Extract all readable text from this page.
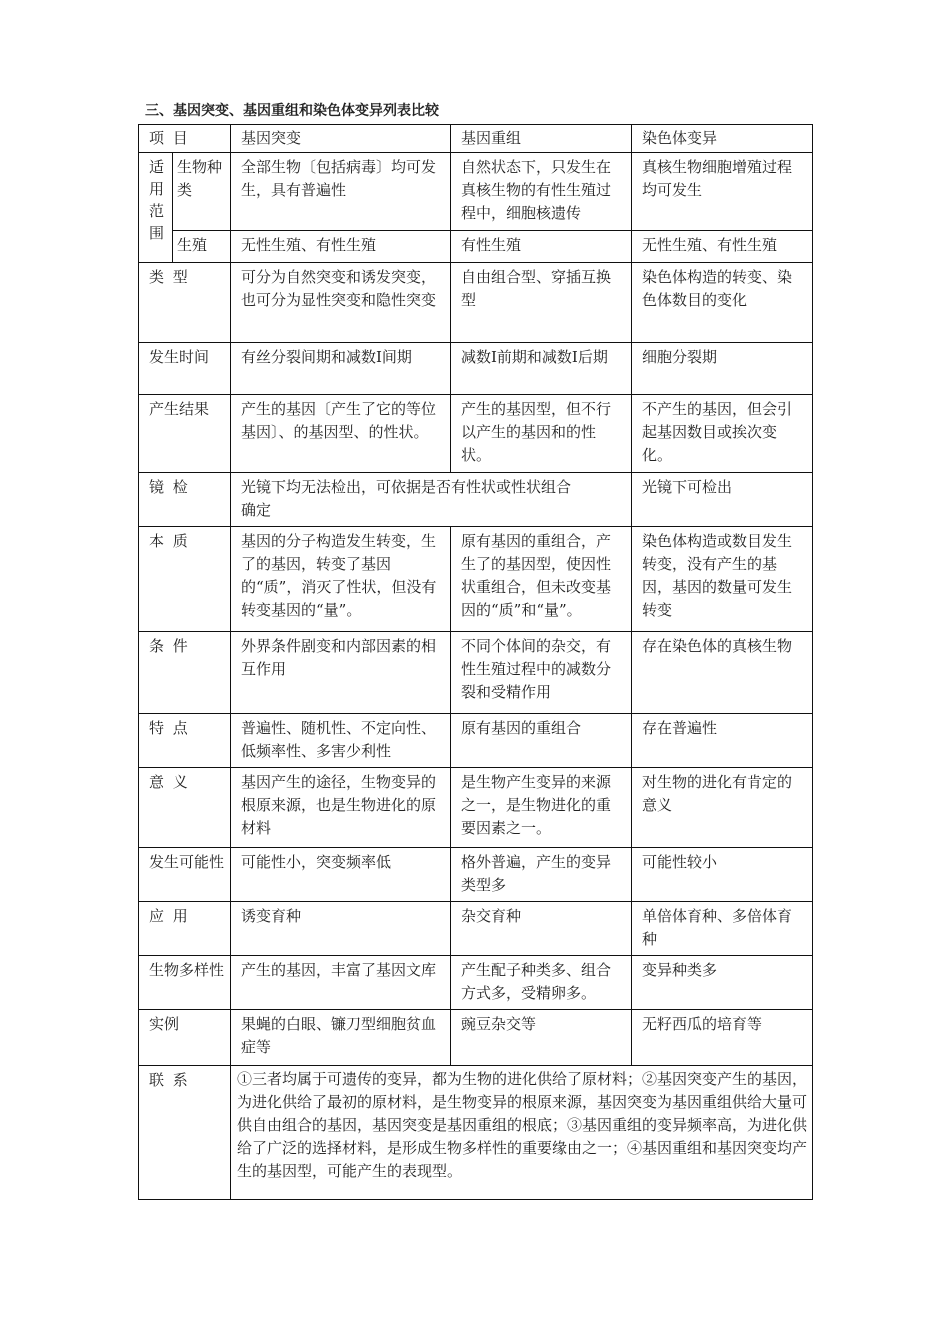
三、基因突变、基因重组和染色体变异列表比较
项 目		基因突变	基因重组	染色体变异

适用范围	生物种类	全部生物〔包括病毒〕均可发生，具有普遍性	自然状态下，只发生在真核生物的有性生殖过程中，细胞核遗传	真核生物细胞增殖过程均可发生
	生殖	无性生殖、有性生殖	有性生殖	无性生殖、有性生殖
类 型		可分为自然突变和诱发突变，也可分为显性突变和隐性突变	自由组合型、穿插互换型	染色体构造的转变、染色体数目的变化
发生时间		有丝分裂间期和减数Ⅰ间期	减数Ⅰ前期和减数Ⅰ后期	细胞分裂期
产生结果		产生的基因〔产生了它的等位基因〕、的基因型、的性状。	产生的基因型，但不行以产生的基因和的性状。	不产生的基因，但会引起基因数目或挨次变化。
镜 检		光镜下均无法检出，可依据是否有性状或性状组合确定		光镜下可检出
本 质		基因的分子构造发生转变，生了的基因，转变了基因的“质”，消灭了性状，但没有转变基因的“量”。	原有基因的重组合，产生了的基因型，使因性状重组合，但未改变基因的“质”和“量”。	染色体构造或数目发生转变，没有产生的基因，基因的数量可发生转变
条 件		外界条件剧变和内部因素的相互作用	不同个体间的杂交，有性生殖过程中的减数分裂和受精作用	存在染色体的真核生物
特 点		普遍性、随机性、不定向性、低频率性、多害少利性	原有基因的重组合	存在普遍性
意 义		基因产生的途径，生物变异的根原来源，也是生物进化的原材料	是生物产生变异的来源之一，是生物进化的重要因素之一。	对生物的进化有肯定的意义
发生可能性		可能性小，突变频率低	格外普遍，产生的变异类型多	可能性较小
应 用		诱变育种	杂交育种	单倍体育种、多倍体育种
生物多样性		产生的基因，丰富了基因文库	产生配子种类多、组合方式多，受精卵多。	变异种类多
实例		果蝇的白眼、镰刀型细胞贫血症等	豌豆杂交等	无籽西瓜的培育等
联 系		①三者均属于可遗传的变异，都为生物的进化供给了原材料；②基因突变产生的基因，为进化供给了最初的原材料，是生物变异的根原来源，基因突变为基因重组供给大量可供自由组合的基因，基因突变是基因重组的根底；③基因重组的变异频率高，为进化供给了广泛的选择材料，是形成生物多样性的重要缘由之一；④基因重组和基因突变均产生的基因型，可能产生的表现型。		
